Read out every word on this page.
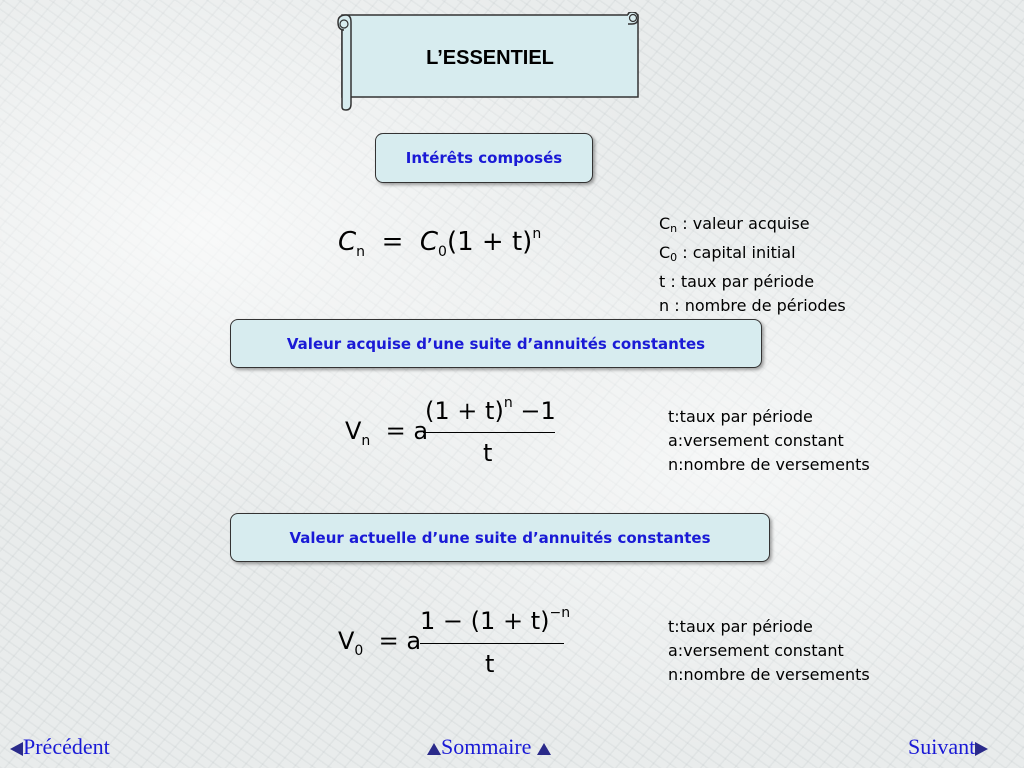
L’ESSENTIEL
Intérêts composés
Valeur acquise d’une suite d’annuités constantes
Valeur actuelle d’une suite d’annuités constantes
$C_n = C_0(1 + t)^n$
$V_n = a$
$(1 + t)^n -1$
t
$V_0 = a$
$1 - (1 + t)^{-n}$
t
Cn : valeur acquise
C0 : capital initial
t : taux par période
n : nombre de périodes
t:taux par période
a:versement constant
n:nombre de versements
t:taux par période
a:versement constant
n:nombre de versements
Précédent	Sommaire	Suivant
